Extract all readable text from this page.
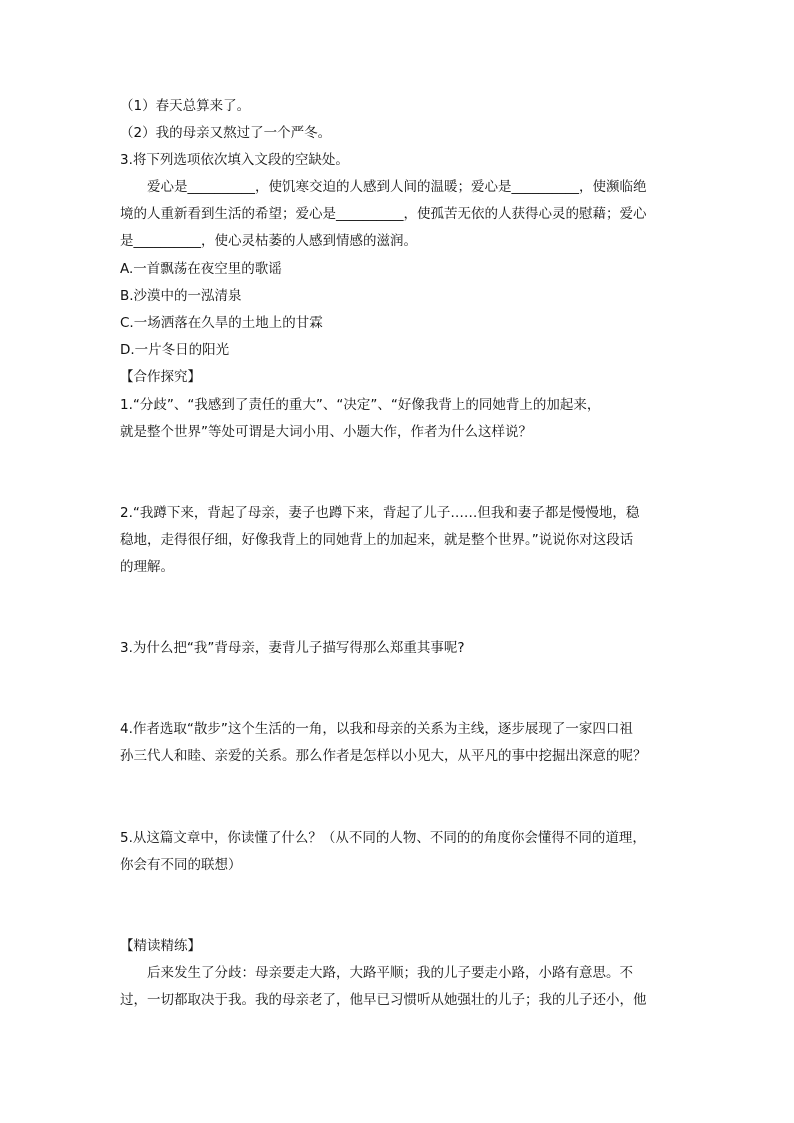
（1）春天总算来了。
（2）我的母亲又熬过了一个严冬。
3.将下列选项依次填入文段的空缺处。
爱心是__________，使饥寒交迫的人感到人间的温暖；爱心是__________，使濒临绝
境的人重新看到生活的希望；爱心是__________，使孤苦无依的人获得心灵的慰藉；爱心
是__________，使心灵枯萎的人感到情感的滋润。
A.一首飘荡在夜空里的歌谣
B.沙漠中的一泓清泉
C.一场洒落在久旱的土地上的甘霖
D.一片冬日的阳光
【合作探究】
1.“分歧”、“我感到了责任的重大”、“决定”、“好像我背上的同她背上的加起来，
就是整个世界”等处可谓是大词小用、小题大作，作者为什么这样说？
2.“我蹲下来，背起了母亲，妻子也蹲下来，背起了儿子……但我和妻子都是慢慢地，稳
稳地，走得很仔细，好像我背上的同她背上的加起来，就是整个世界。”说说你对这段话
的理解。
3.为什么把“我”背母亲，妻背儿子描写得那么郑重其事呢?
4.作者选取“散步”这个生活的一角，以我和母亲的关系为主线，逐步展现了一家四口祖
孙三代人和睦、亲爱的关系。那么作者是怎样以小见大，从平凡的事中挖掘出深意的呢？
5.从这篇文章中，你读懂了什么？（从不同的人物、不同的的角度你会懂得不同的道理，
你会有不同的联想）
【精读精练】
后来发生了分歧：母亲要走大路，大路平顺；我的儿子要走小路，小路有意思。不
过，一切都取决于我。我的母亲老了，他早已习惯听从她强壮的儿子；我的儿子还小，他
